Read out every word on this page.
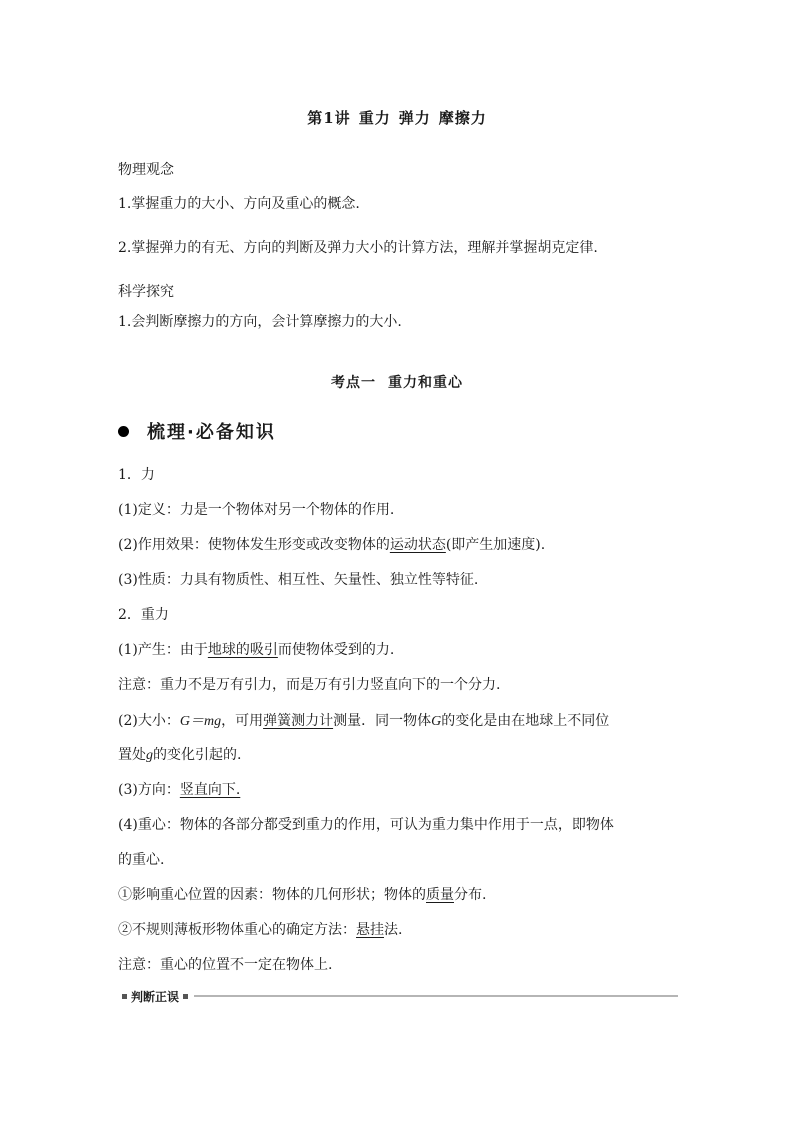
第1讲 重力 弹力 摩擦力
物理观念
1.掌握重力的大小、方向及重心的概念.
2.掌握弹力的有无、方向的判断及弹力大小的计算方法，理解并掌握胡克定律.
科学探究
1.会判断摩擦力的方向，会计算摩擦力的大小.
考点一 重力和重心
梳理·必备知识
1．力
(1)定义：力是一个物体对另一个物体的作用.
(2)作用效果：使物体发生形变或改变物体的运动状态(即产生加速度).
(3)性质：力具有物质性、相互性、矢量性、独立性等特征.
2．重力
(1)产生：由于地球的吸引而使物体受到的力.
注意：重力不是万有引力，而是万有引力竖直向下的一个分力.
(2)大小：G＝mg，可用弹簧测力计测量．同一物体G的变化是由在地球上不同位
置处g的变化引起的.
(3)方向：竖直向下.
(4)重心：物体的各部分都受到重力的作用，可认为重力集中作用于一点，即物体
的重心.
①影响重心位置的因素：物体的几何形状；物体的质量分布.
②不规则薄板形物体重心的确定方法：悬挂法.
注意：重心的位置不一定在物体上.
判断正误
